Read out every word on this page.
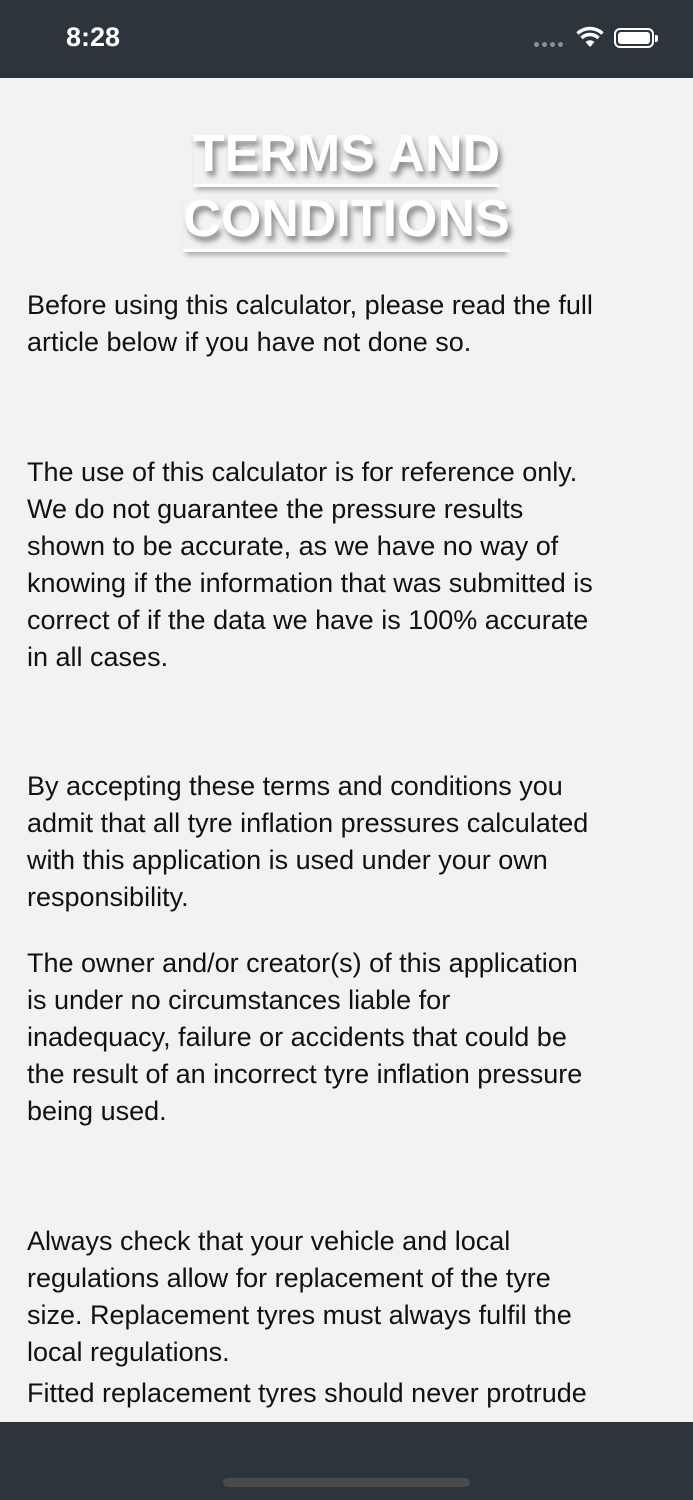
8:28
TERMS AND
CONDITIONS
Before using this calculator, please read the full
article below if you have not done so.
The use of this calculator is for reference only.
We do not guarantee the pressure results
shown to be accurate, as we have no way of
knowing if the information that was submitted is
correct of if the data we have is 100% accurate
in all cases.
By accepting these terms and conditions you
admit that all tyre inflation pressures calculated
with this application is used under your own
responsibility.
The owner and/or creator(s) of this application
is under no circumstances liable for
inadequacy, failure or accidents that could be
the result of an incorrect tyre inflation pressure
being used.
Always check that your vehicle and local
regulations allow for replacement of the tyre
size. Replacement tyres must always fulfil the
local regulations.
Fitted replacement tyres should never protrude
